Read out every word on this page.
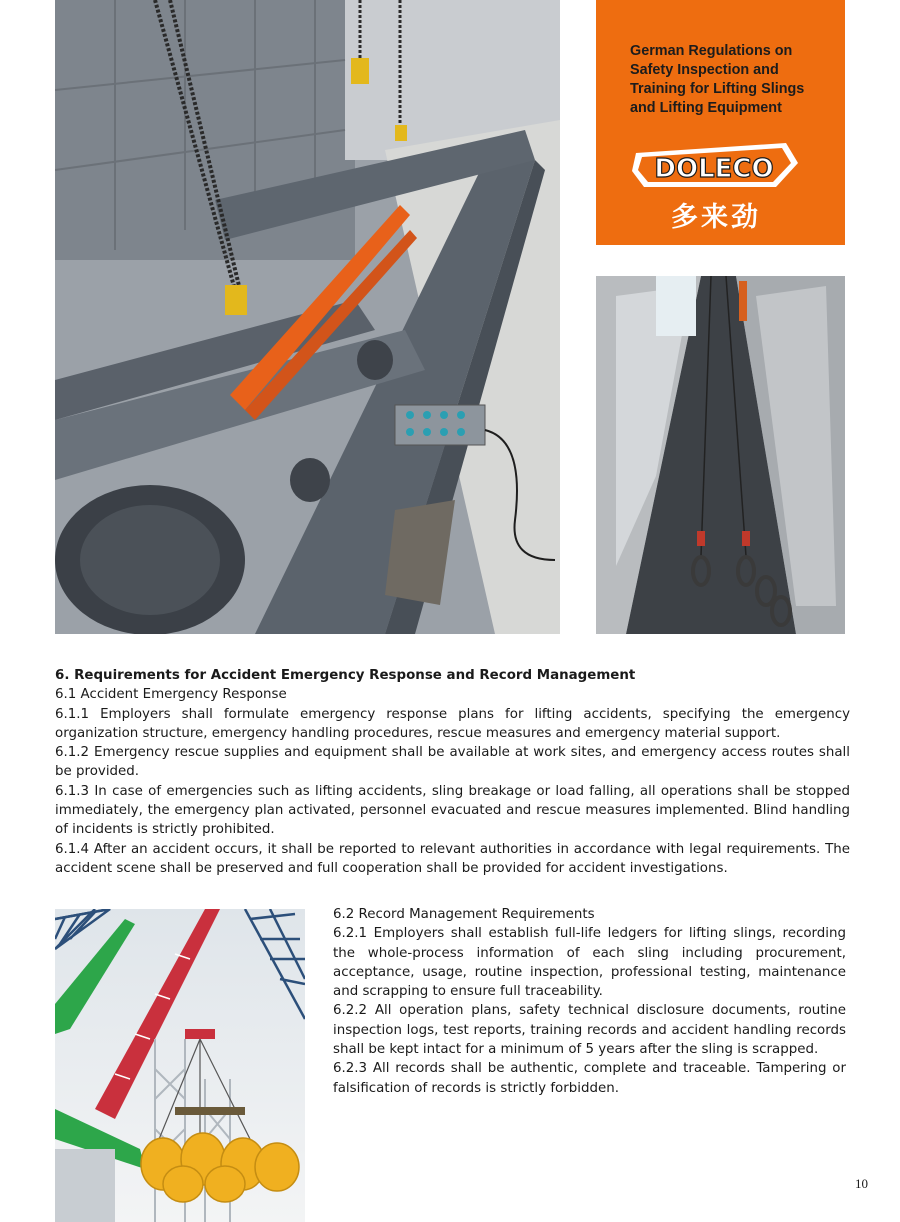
German Regulations on Safety Inspection and Training for Lifting Slings and Lifting Equipment
DOLECO
多来劲

6. Requirements for Accident Emergency Response and Record Management

6.1 Accident Emergency Response

6.1.1 Employers shall formulate emergency response plans for lifting accidents, specifying the emergency organization structure, emergency handling procedures, rescue measures and emergency material support.

6.1.2 Emergency rescue supplies and equipment shall be available at work sites, and emergency access routes shall be provided.

6.1.3 In case of emergencies such as lifting accidents, sling breakage or load falling, all operations shall be stopped immediately, the emergency plan activated, personnel evacuated and rescue measures implemented. Blind handling of incidents is strictly prohibited.

6.1.4 After an accident occurs, it shall be reported to relevant authorities in accordance with legal requirements. The accident scene shall be preserved and full cooperation shall be provided for accident investigations.

6.2 Record Management Requirements

6.2.1 Employers shall establish full-life ledgers for lifting slings, recording the whole-process information of each sling including procurement, acceptance, usage, routine inspection, professional testing, maintenance and scrapping to ensure full traceability.

6.2.2 All operation plans, safety technical disclosure documents, routine inspection logs, test reports, training records and accident handling records shall be kept intact for a minimum of 5 years after the sling is scrapped.

6.2.3 All records shall be authentic, complete and traceable. Tampering or falsification of records is strictly forbidden.

10
